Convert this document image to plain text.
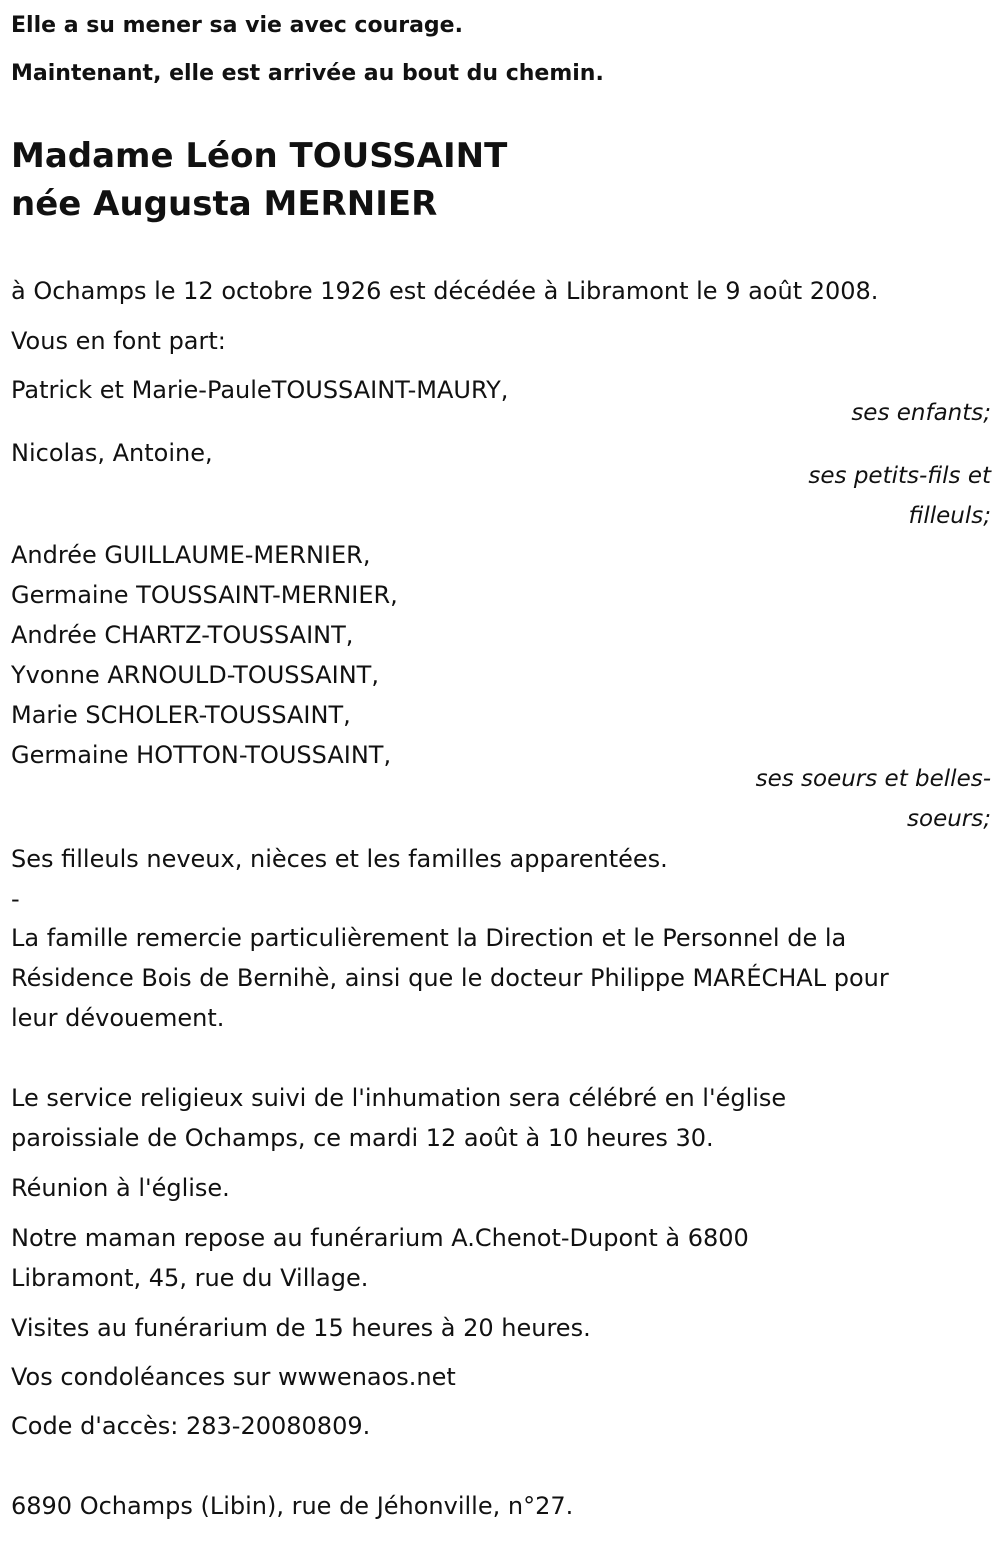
Elle a su mener sa vie avec courage.

Maintenant, elle est arrivée au bout du chemin.

Madame Léon TOUSSAINT

née Augusta MERNIER

à Ochamps le 12 octobre 1926 est décédée à Libramont le 9 août 2008.

Vous en font part:

Patrick et Marie-PauleTOUSSAINT-MAURY,

ses enfants;

Nicolas, Antoine,

ses petits-fils et

filleuls;

Andrée GUILLAUME-MERNIER,

Germaine TOUSSAINT-MERNIER,

Andrée CHARTZ-TOUSSAINT,

Yvonne ARNOULD-TOUSSAINT,

Marie SCHOLER-TOUSSAINT,

Germaine HOTTON-TOUSSAINT,

ses soeurs et belles-

soeurs;

Ses filleuls neveux, nièces et les familles apparentées.

-

La famille remercie particulièrement la Direction et le Personnel de la

Résidence Bois de Bernihè, ainsi que le docteur Philippe MARÉCHAL pour

leur dévouement.

Le service religieux suivi de l'inhumation sera célébré en l'église

paroissiale de Ochamps, ce mardi 12 août à 10 heures 30.

Réunion à l'église.

Notre maman repose au funérarium A.Chenot-Dupont à 6800

Libramont, 45, rue du Village.

Visites au funérarium de 15 heures à 20 heures.

Vos condoléances sur wwwenaos.net

Code d'accès: 283-20080809.

6890 Ochamps (Libin), rue de Jéhonville, n°27.
